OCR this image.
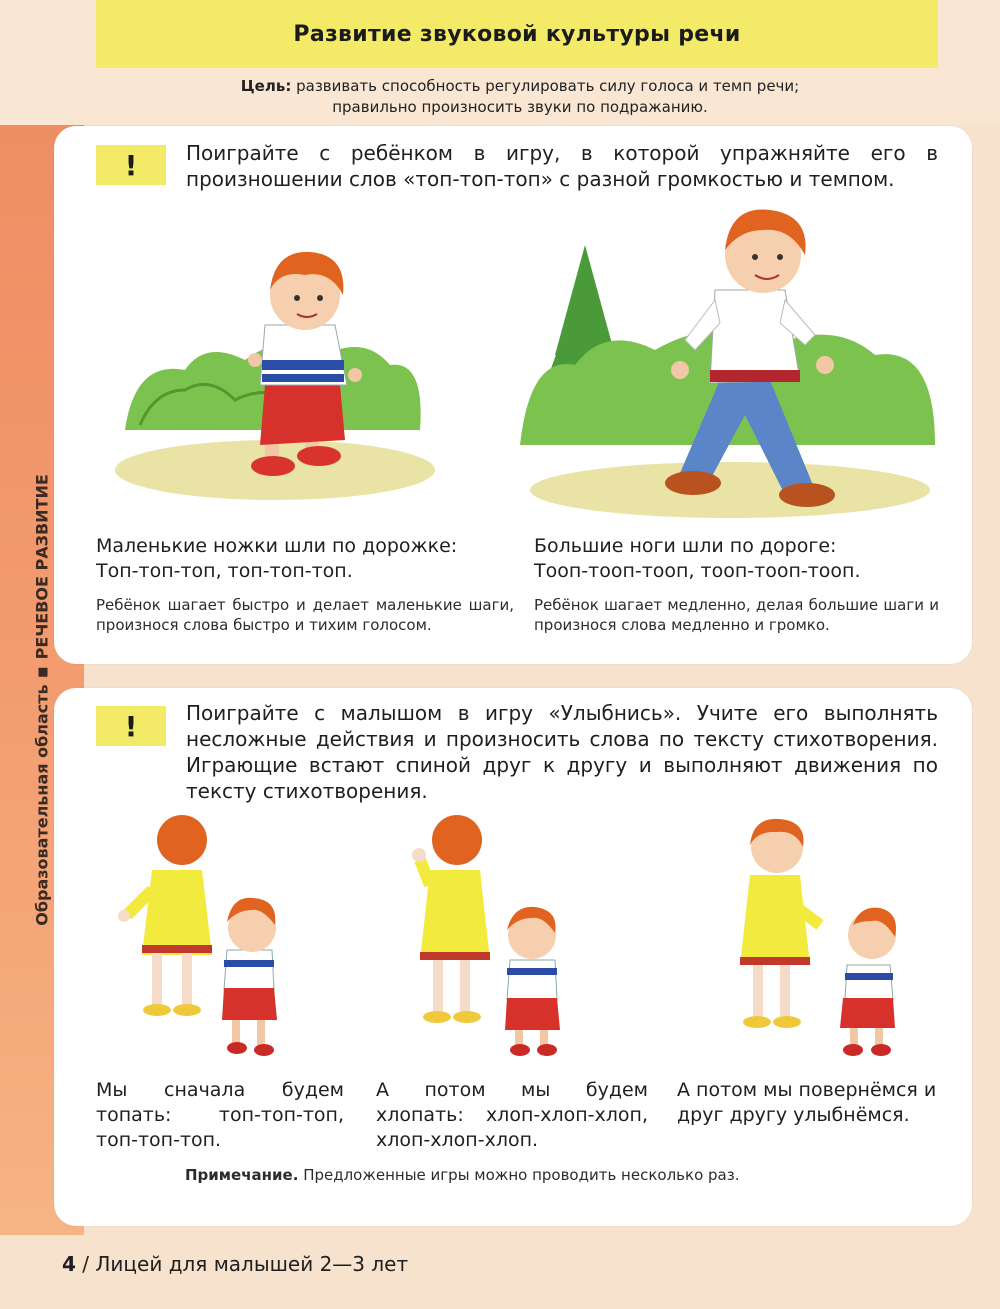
Развитие звуковой культуры речи
Цель: развивать способность регулировать силу голоса и темп речи;
правильно произносить звуки по подражанию.
Образовательная областьРЕЧЕВОЕ РАЗВИТИЕ
!	Поиграйте с ребёнком в игру, в которой упражняйте его в произношении слов «топ-топ-топ» с разной громкостью и темпом.
Маленькие ножки шли по дорожке:
Топ-топ-топ, топ-топ-топ.
Ребёнок шагает быстро и делает маленькие шаги, произнося слова быстро и тихим голосом.
Большие ноги шли по дороге:
Тооп-тооп-тооп, тооп-тооп-тооп.
Ребёнок шагает медленно, делая большие шаги и произнося слова медленно и громко.
!	Поиграйте с малышом в игру «Улыбнись». Учите его выполнять несложные действия и произносить слова по тексту стихотворения. Играющие встают спиной друг к другу и выполняют движения по тексту стихотворения.
Мы сначала будем топать: топ-топ-топ, топ-топ-топ.
А потом мы будем хлопать: хлоп-хлоп-хлоп, хлоп-хлоп-хлоп.
А потом мы повернёмся и друг другу улыбнёмся.
Примечание. Предложенные игры можно проводить несколько раз.
4 / Лицей для малышей 2—3 лет
